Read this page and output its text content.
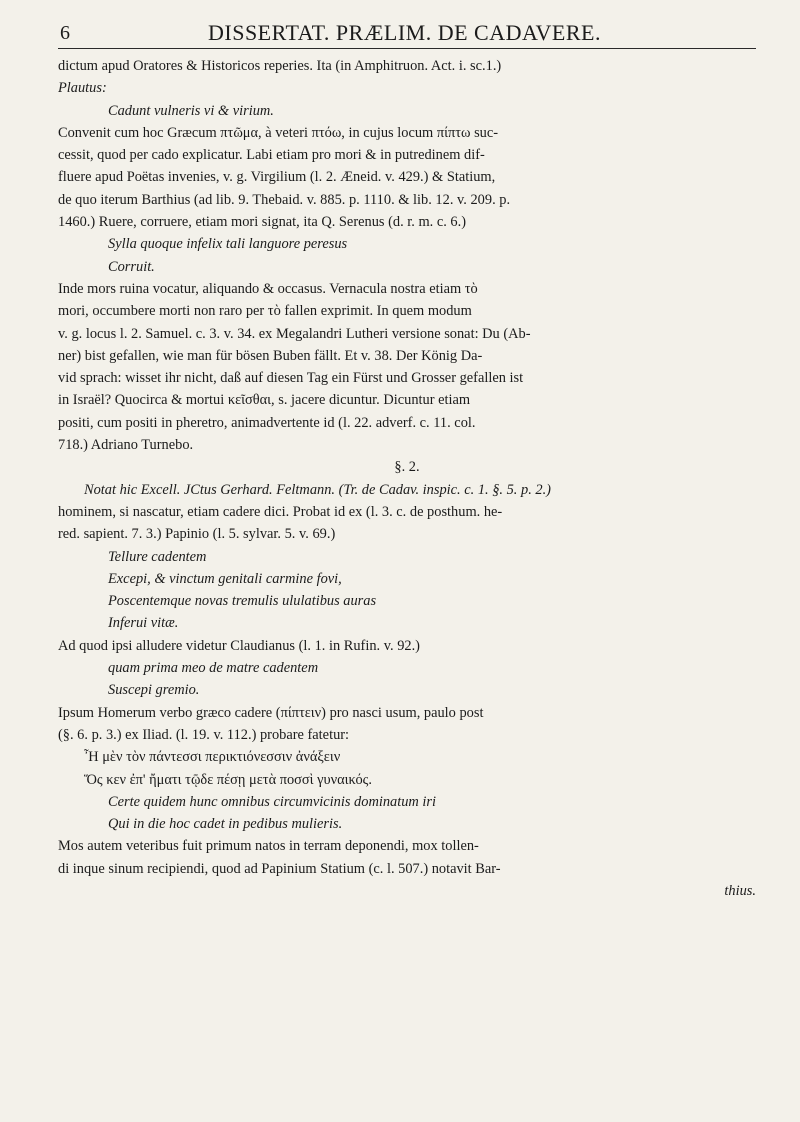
6	DISSERTAT. PRÆLIM. DE CADAVERE.
dictum apud Oratores & Historicos reperies. Ita (in Amphitruon. Act. i. sc.1.)
Plautus:
Cadunt vulneris vi & virium.
Convenit cum hoc Græcum πτῶμα, à veteri πτόω, in cujus locum πίπτω suc-
cessit, quod per cado explicatur. Labi etiam pro mori & in putredinem dif-
fluere apud Poëtas invenies, v. g. Virgilium (l. 2. Æneid. v. 429.) & Statium,
de quo iterum Barthius (ad lib. 9. Thebaid. v. 885. p. 1110. & lib. 12. v. 209. p.
1460.) Ruere, corruere, etiam mori signat, ita Q. Serenus (d. r. m. c. 6.)
Sylla quoque infelix tali languore peresus
Corruit.
Inde mors ruina vocatur, aliquando & occasus. Vernacula nostra etiam τὸ
mori, occumbere morti non raro per τὸ fallen exprimit. In quem modum
v. g. locus l. 2. Samuel. c. 3. v. 34. ex Megalandri Lutheri versione sonat: Du (Ab-
ner) bist gefallen, wie man für bösen Buben fällt. Et v. 38. Der König Da-
vid sprach: wisset ihr nicht, daß auf diesen Tag ein Fürst und Grosser gefallen ist
in Israël? Quocirca & mortui κεῖσθαι, s. jacere dicuntur. Dicuntur etiam
positi, cum positi in pheretro, animadvertente id (l. 22. adverf. c. 11. col.
718.) Adriano Turnebo.
§. 2.
Notat hic Excell. JCtus Gerhard. Feltmann. (Tr. de Cadav. inspic. c. 1. §. 5. p. 2.)
hominem, si nascatur, etiam cadere dici. Probat id ex (l. 3. c. de posthum. he-
red. sapient. 7. 3.) Papinio (l. 5. sylvar. 5. v. 69.)
Tellure cadentem
Excepi, & vinctum genitali carmine fovi,
Poscentemque novas tremulis ululatibus auras
Inferui vitæ.
Ad quod ipsi alludere videtur Claudianus (l. 1. in Rufin. v. 92.)
quam prima meo de matre cadentem
Suscepi gremio.
Ipsum Homerum verbo græco cadere (πίπτειν) pro nasci usum, paulo post
(§. 6. p. 3.) ex Iliad. (l. 19. v. 112.) probare fatetur:
Ἦ μὲν τὸν πάντεσσι περικτιόνεσσιν ἀνάξειν
Ὅς κεν ἐπ' ἤματι τῷδε πέσῃ μετὰ ποσσὶ γυναικός.
Certe quidem hunc omnibus circumvicinis dominatum iri
Qui in die hoc cadet in pedibus mulieris.
Mos autem veteribus fuit primum natos in terram deponendi, mox tollen-
di inque sinum recipiendi, quod ad Papinium Statium (c. l. 507.) notavit Bar-
thius.
